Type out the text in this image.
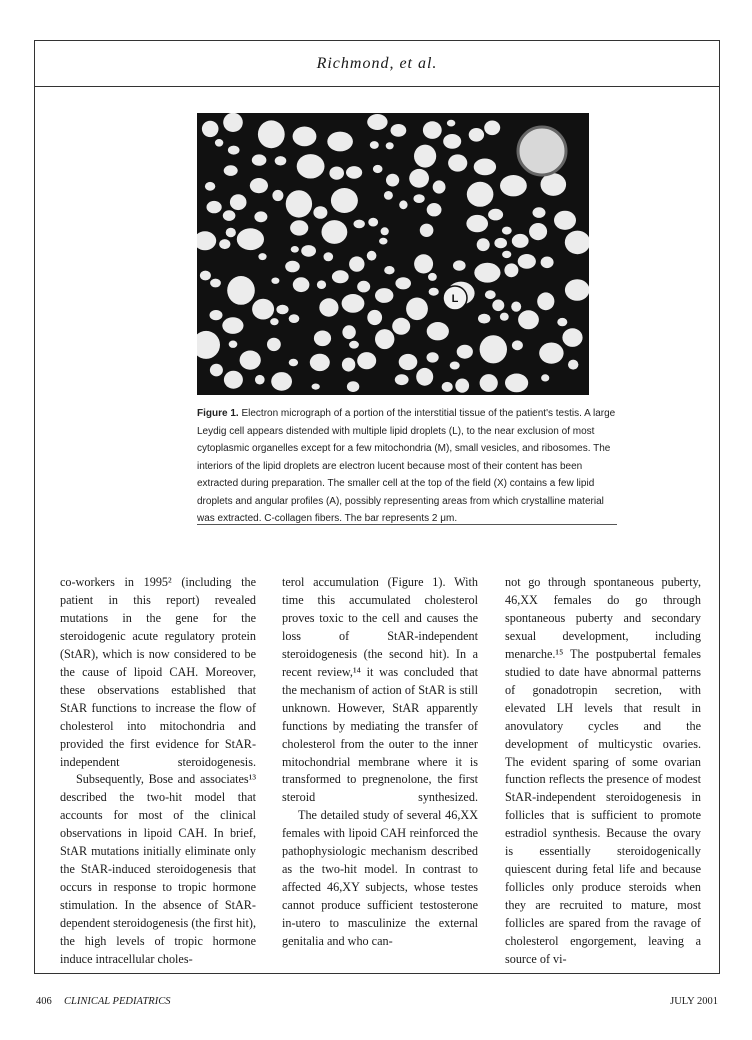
Richmond, et al.
L
Figure 1. Electron micrograph of a portion of the interstitial tissue of the patient's testis. A large Leydig cell appears distended with multiple lipid droplets (L), to the near exclusion of most cytoplasmic organelles except for a few mitochondria (M), small vesicles, and ribosomes. The interiors of the lipid droplets are electron lucent because most of their content has been extracted during preparation. The smaller cell at the top of the field (X) contains a few lipid droplets and angular profiles (A), possibly representing areas from which crystalline material was extracted. C-collagen fibers. The bar represents 2 μm.

co-workers in 1995² (including the patient in this report) revealed mutations in the gene for the steroidogenic acute regulatory protein (StAR), which is now considered to be the cause of lipoid CAH. Moreover, these observations established that StAR functions to increase the flow of cholesterol into mitochondria and provided the first evidence for StAR-independent steroidogenesis.

Subsequently, Bose and associates¹³ described the two-hit model that accounts for most of the clinical observations in lipoid CAH. In brief, StAR mutations initially eliminate only the StAR-induced steroidogenesis that occurs in response to tropic hormone stimulation. In the absence of StAR-dependent steroidogenesis (the first hit), the high levels of tropic hormone induce intracellular choles-

terol accumulation (Figure 1). With time this accumulated cholesterol proves toxic to the cell and causes the loss of StAR-independent steroidogenesis (the second hit). In a recent review,¹⁴ it was concluded that the mechanism of action of StAR is still unknown. However, StAR apparently functions by mediating the transfer of cholesterol from the outer to the inner mitochondrial membrane where it is transformed to pregnenolone, the first steroid synthesized.

The detailed study of several 46,XX females with lipoid CAH reinforced the pathophysiologic mechanism described as the two-hit model. In contrast to affected 46,XY subjects, whose testes cannot produce sufficient testosterone in-utero to masculinize the external genitalia and who can-

not go through spontaneous puberty, 46,XX females do go through spontaneous puberty and secondary sexual development, including menarche.¹⁵ The postpubertal females studied to date have abnormal patterns of gonadotropin secretion, with elevated LH levels that result in anovulatory cycles and the development of multicystic ovaries. The evident sparing of some ovarian function reflects the presence of modest StAR-independent steroidogenesis in follicles that is sufficient to promote estradiol synthesis. Because the ovary is essentially steroidogenically quiescent during fetal life and because follicles only produce steroids when they are recruited to mature, most follicles are spared from the ravage of cholesterol engorgement, leaving a source of vi-

406 CLINICAL PEDIATRICS	JULY 2001
